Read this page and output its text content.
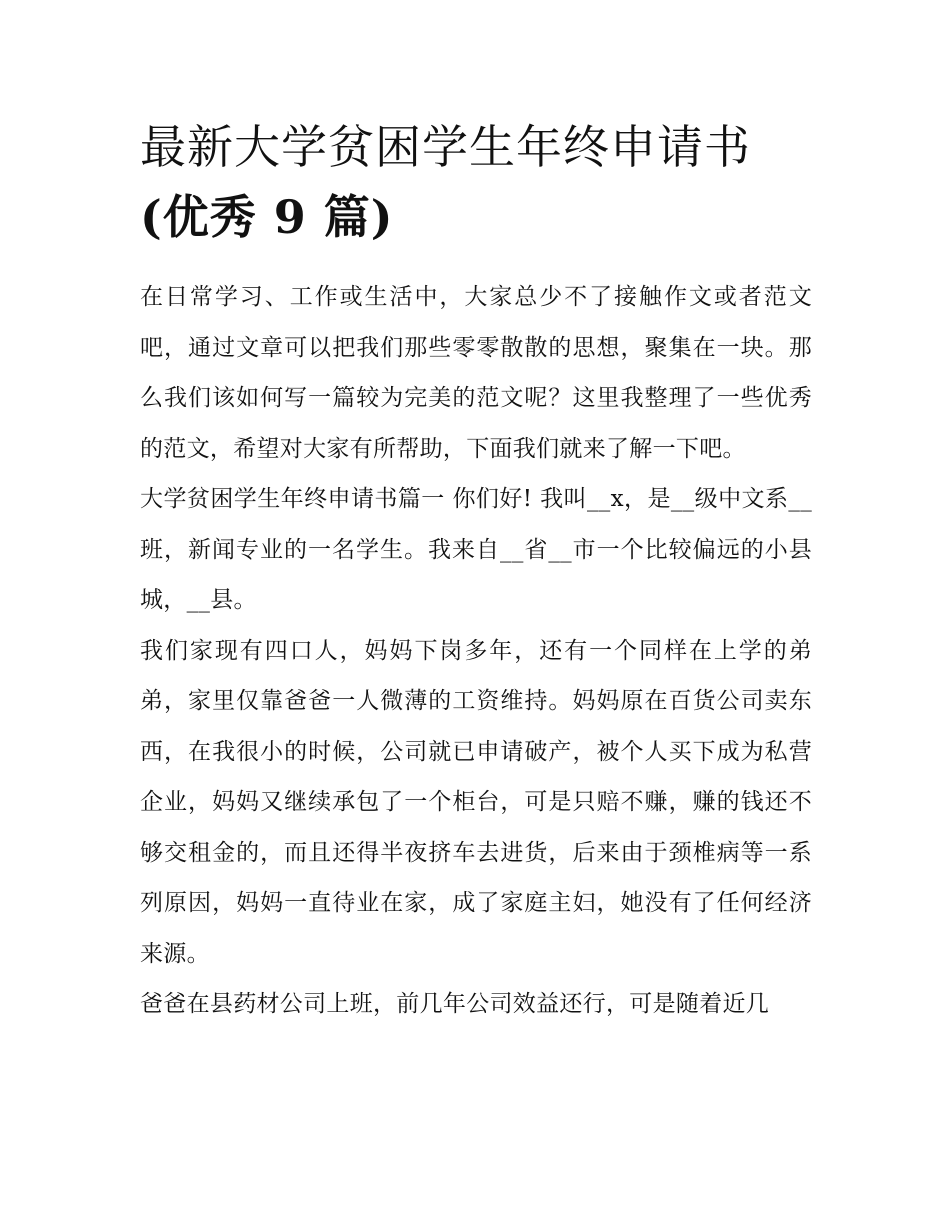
最新大学贫困学生年终申请书
(优秀 9 篇)

在日常学习、工作或生活中，大家总少不了接触作文或者范文吧，通过文章可以把我们那些零零散散的思想，聚集在一块。那么我们该如何写一篇较为完美的范文呢？这里我整理了一些优秀的范文，希望对大家有所帮助，下面我们就来了解一下吧。

大学贫困学生年终申请书篇一 你们好! 我叫__x，是__级中文系__班，新闻专业的一名学生。我来自__省__市一个比较偏远的小县城，__县。

我们家现有四口人，妈妈下岗多年，还有一个同样在上学的弟弟，家里仅靠爸爸一人微薄的工资维持。妈妈原在百货公司卖东西，在我很小的时候，公司就已申请破产，被个人买下成为私营企业，妈妈又继续承包了一个柜台，可是只赔不赚，赚的钱还不够交租金的，而且还得半夜挤车去进货，后来由于颈椎病等一系列原因，妈妈一直待业在家，成了家庭主妇，她没有了任何经济来源。

爸爸在县药材公司上班，前几年公司效益还行，可是随着近几
